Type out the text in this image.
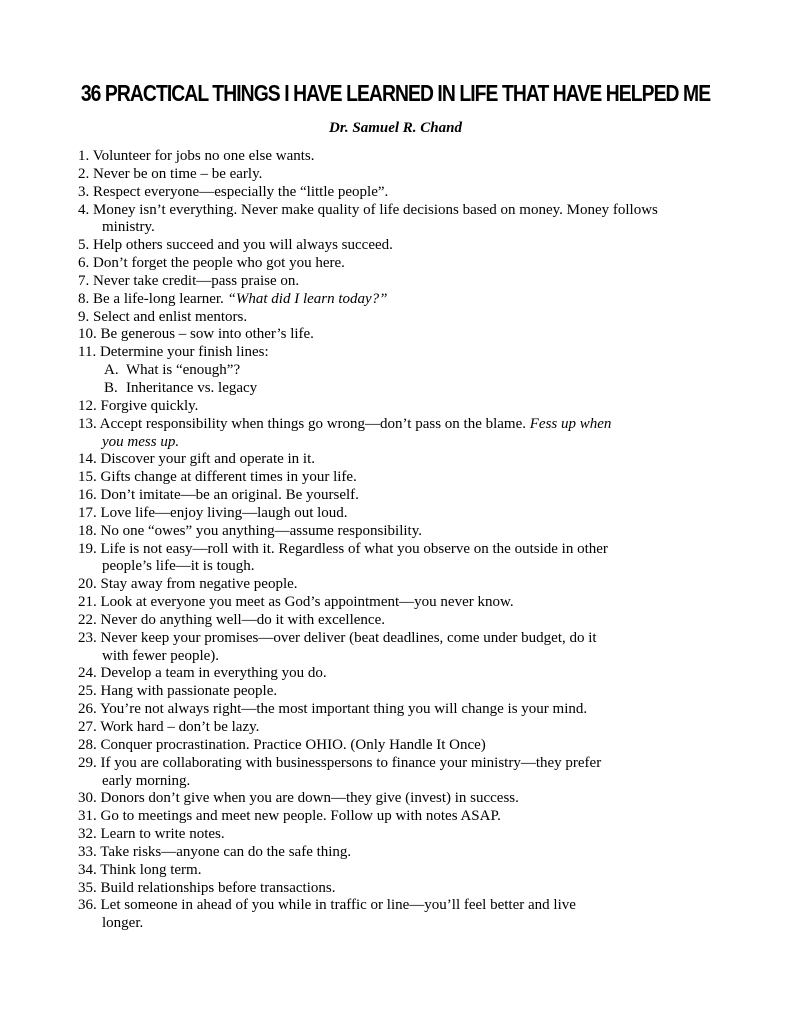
36 PRACTICAL THINGS I HAVE LEARNED IN LIFE THAT HAVE HELPED ME
Dr. Samuel R. Chand
1. Volunteer for jobs no one else wants.
2. Never be on time – be early.
3. Respect everyone—especially the “little people”.
4. Money isn’t everything. Never make quality of life decisions based on money. Money follows
ministry.
5. Help others succeed and you will always succeed.
6. Don’t forget the people who got you here.
7. Never take credit—pass praise on.
8. Be a life-long learner. “What did I learn today?”
9. Select and enlist mentors.
10. Be generous – sow into other’s life.
11. Determine your finish lines:
A. What is “enough”?
B. Inheritance vs. legacy
12. Forgive quickly.
13. Accept responsibility when things go wrong—don’t pass on the blame. Fess up when
you mess up.
14. Discover your gift and operate in it.
15. Gifts change at different times in your life.
16. Don’t imitate—be an original. Be yourself.
17. Love life—enjoy living—laugh out loud.
18. No one “owes” you anything—assume responsibility.
19. Life is not easy—roll with it. Regardless of what you observe on the outside in other
people’s life—it is tough.
20. Stay away from negative people.
21. Look at everyone you meet as God’s appointment—you never know.
22. Never do anything well—do it with excellence.
23. Never keep your promises—over deliver (beat deadlines, come under budget, do it
with fewer people).
24. Develop a team in everything you do.
25. Hang with passionate people.
26. You’re not always right—the most important thing you will change is your mind.
27. Work hard – don’t be lazy.
28. Conquer procrastination. Practice OHIO. (Only Handle It Once)
29. If you are collaborating with businesspersons to finance your ministry—they prefer
early morning.
30. Donors don’t give when you are down—they give (invest) in success.
31. Go to meetings and meet new people. Follow up with notes ASAP.
32. Learn to write notes.
33. Take risks—anyone can do the safe thing.
34. Think long term.
35. Build relationships before transactions.
36. Let someone in ahead of you while in traffic or line—you’ll feel better and live
longer.
